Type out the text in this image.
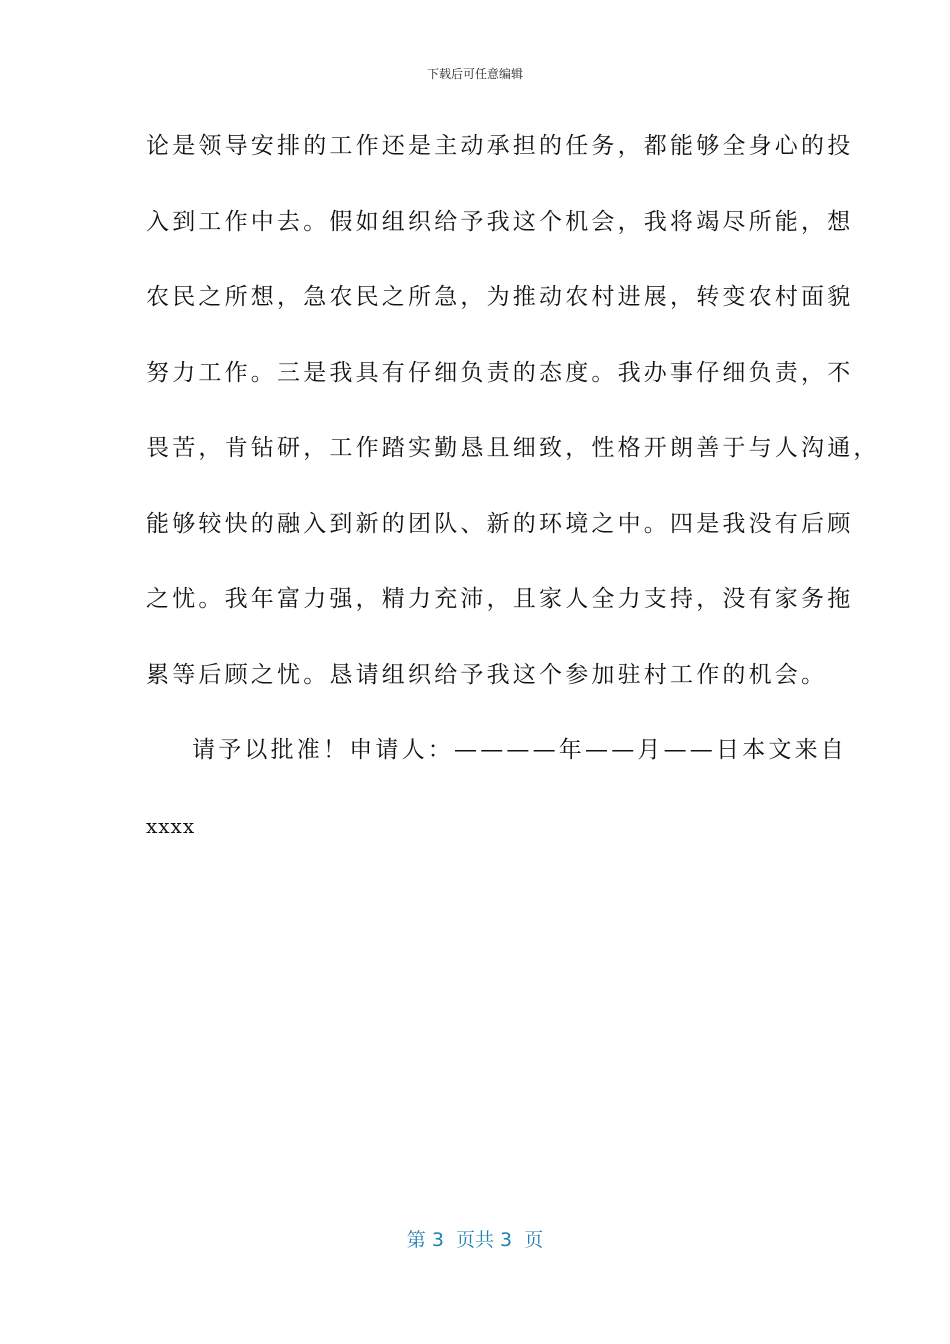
下载后可任意编辑
论是领导安排的工作还是主动承担的任务，都能够全身心的投
入到工作中去。假如组织给予我这个机会，我将竭尽所能，想
农民之所想，急农民之所急，为推动农村进展，转变农村面貌
努力工作。三是我具有仔细负责的态度。我办事仔细负责，不
畏苦，肯钻研，工作踏实勤恳且细致，性格开朗善于与人沟通，
能够较快的融入到新的团队、新的环境之中。四是我没有后顾
之忧。我年富力强，精力充沛，且家人全力支持，没有家务拖
累等后顾之忧。恳请组织给予我这个参加驻村工作的机会。
请予以批准！申请人：————年——月——日本文来自
xxxx
第 3  页共 3  页
